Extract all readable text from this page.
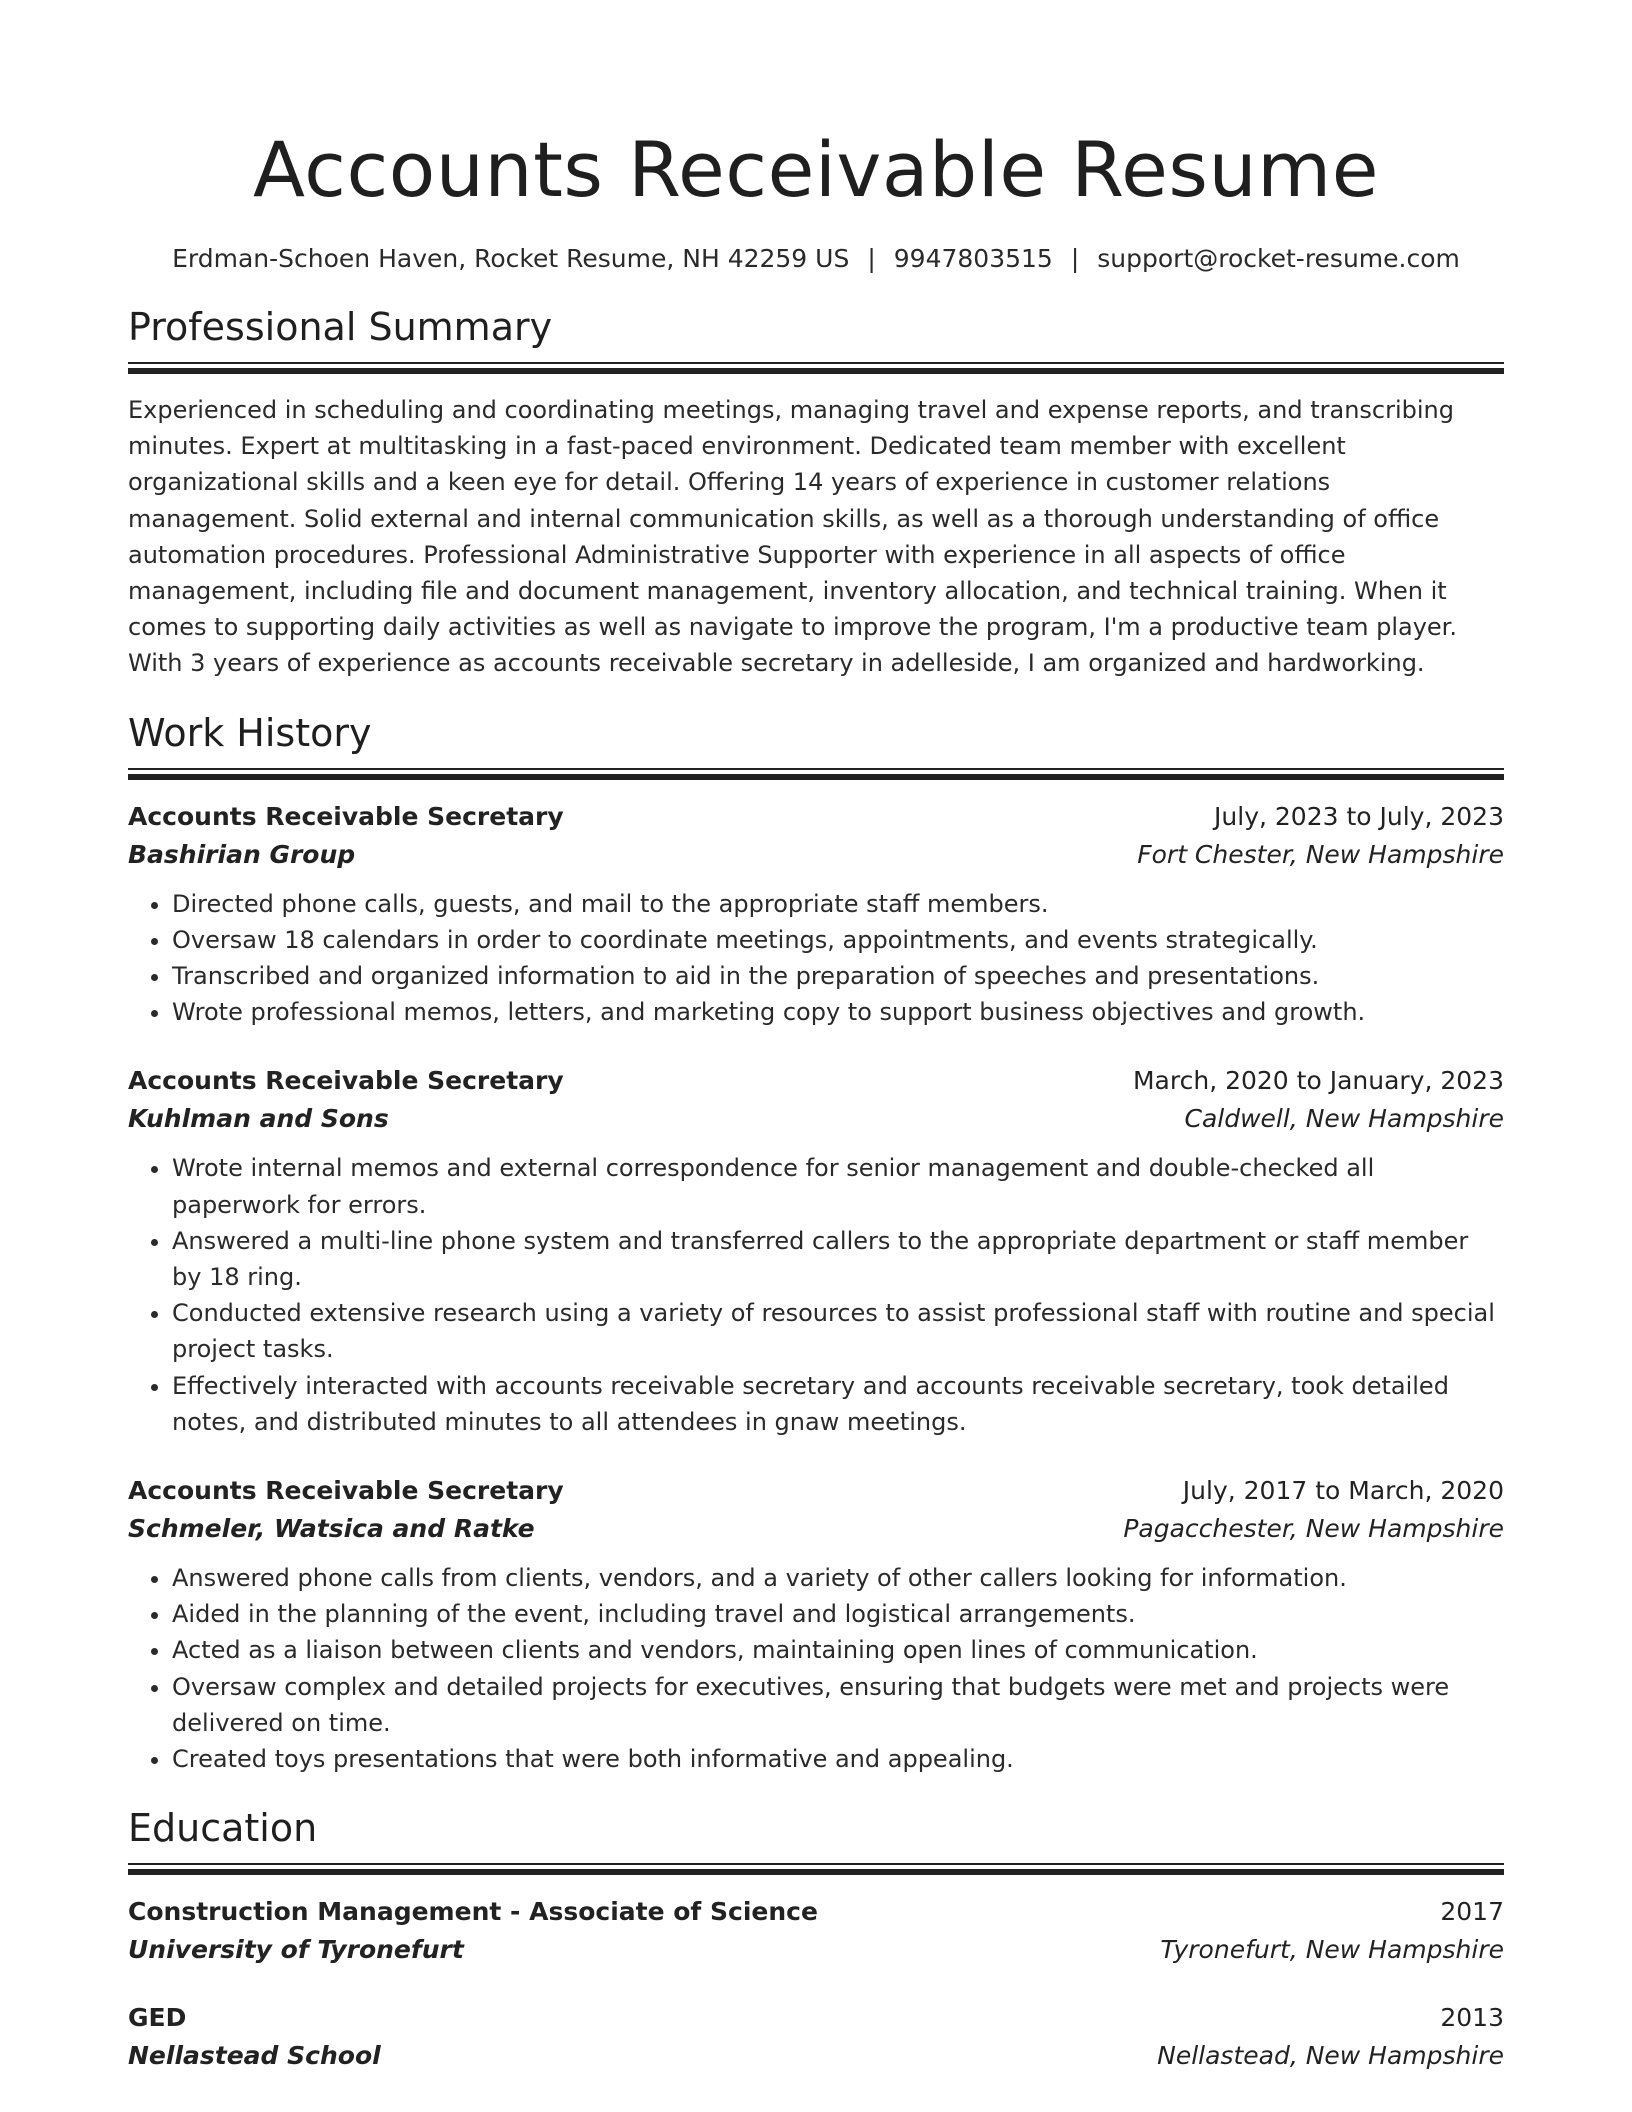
Accounts Receivable Resume
Erdman-Schoen Haven, Rocket Resume, NH 42259 US | 9947803515 | support@rocket-resume.com
Professional Summary

Experienced in scheduling and coordinating meetings, managing travel and expense reports, and transcribing minutes. Expert at multitasking in a fast-paced environment. Dedicated team member with excellent organizational skills and a keen eye for detail. Offering 14 years of experience in customer relations management. Solid external and internal communication skills, as well as a thorough understanding of office automation procedures. Professional Administrative Supporter with experience in all aspects of office management, including file and document management, inventory allocation, and technical training. When it comes to supporting daily activities as well as navigate to improve the program, I'm a productive team player. With 3 years of experience as accounts receivable secretary in adelleside, I am organized and hardworking.

Work History
Accounts Receivable Secretary	July, 2023 to July, 2023
Bashirian Group	Fort Chester, New Hampshire
• Directed phone calls, guests, and mail to the appropriate staff members.
• Oversaw 18 calendars in order to coordinate meetings, appointments, and events strategically.
• Transcribed and organized information to aid in the preparation of speeches and presentations.
• Wrote professional memos, letters, and marketing copy to support business objectives and growth.
Accounts Receivable Secretary	March, 2020 to January, 2023
Kuhlman and Sons	Caldwell, New Hampshire
• Wrote internal memos and external correspondence for senior management and double-checked all paperwork for errors.
• Answered a multi-line phone system and transferred callers to the appropriate department or staff member by 18 ring.
• Conducted extensive research using a variety of resources to assist professional staff with routine and special project tasks.
• Effectively interacted with accounts receivable secretary and accounts receivable secretary, took detailed notes, and distributed minutes to all attendees in gnaw meetings.
Accounts Receivable Secretary	July, 2017 to March, 2020
Schmeler, Watsica and Ratke	Pagacchester, New Hampshire
• Answered phone calls from clients, vendors, and a variety of other callers looking for information.
• Aided in the planning of the event, including travel and logistical arrangements.
• Acted as a liaison between clients and vendors, maintaining open lines of communication.
• Oversaw complex and detailed projects for executives, ensuring that budgets were met and projects were delivered on time.
• Created toys presentations that were both informative and appealing.
Education
Construction Management - Associate of Science	2017
University of Tyronefurt	Tyronefurt, New Hampshire
GED	2013
Nellastead School	Nellastead, New Hampshire
